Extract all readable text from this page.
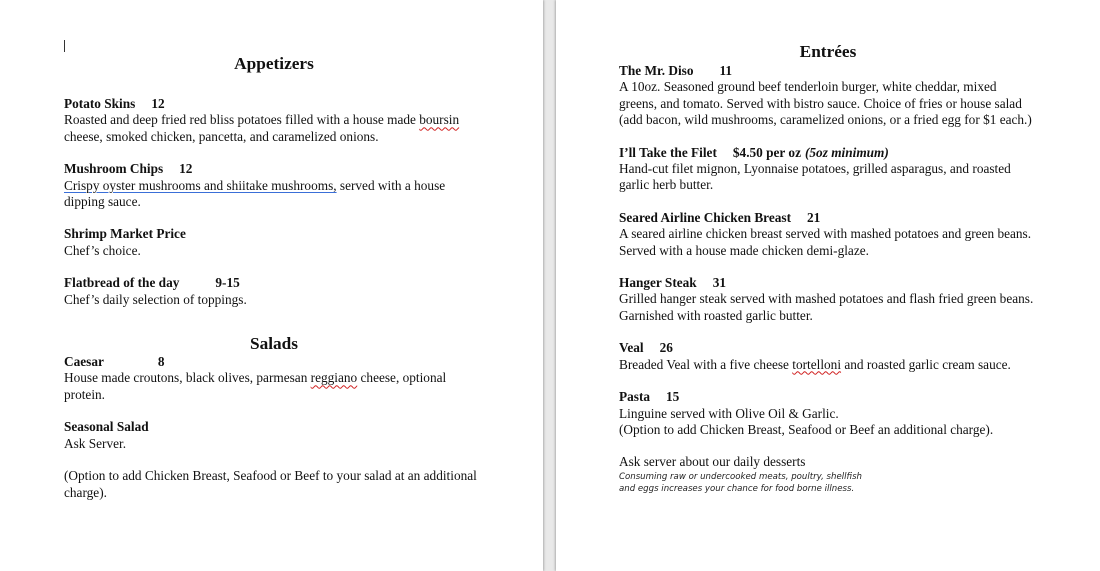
Appetizers
Potato Skins 12
Roasted and deep fried red bliss potatoes filled with a house made boursin cheese, smoked chicken, pancetta, and caramelized onions.
Mushroom Chips 12
Crispy oyster mushrooms and shiitake mushrooms, served with a house dipping sauce.
Shrimp Market Price
Chef’s choice.
Flatbread of the day	9-15
Chef’s daily selection of toppings.
Salads
Caesar	8
House made croutons, black olives, parmesan reggiano cheese, optional protein.
Seasonal Salad
Ask Server.
(Option to add Chicken Breast, Seafood or Beef to your salad at an additional charge).
Entrées
The Mr. Diso 11
A 10oz. Seasoned ground beef tenderloin burger, white cheddar, mixed greens, and tomato. Served with bistro sauce. Choice of fries or house salad (add bacon, wild mushrooms, caramelized onions, or a fried egg for $1 each.)
I’ll Take the Filet $4.50 per oz (5oz minimum)
Hand-cut filet mignon, Lyonnaise potatoes, grilled asparagus, and roasted garlic herb butter.
Seared Airline Chicken Breast 21
A seared airline chicken breast served with mashed potatoes and green beans. Served with a house made chicken demi-glaze.
Hanger Steak 31
Grilled hanger steak served with mashed potatoes and flash fried green beans.
Garnished with roasted garlic butter.
Veal 26
Breaded Veal with a five cheese tortelloni and roasted garlic cream sauce.
Pasta 15
Linguine served with Olive Oil & Garlic.
(Option to add Chicken Breast, Seafood or Beef an additional charge).
Ask server about our daily desserts
Consuming raw or undercooked meats, poultry, shellfish
and eggs increases your chance for food borne illness.
